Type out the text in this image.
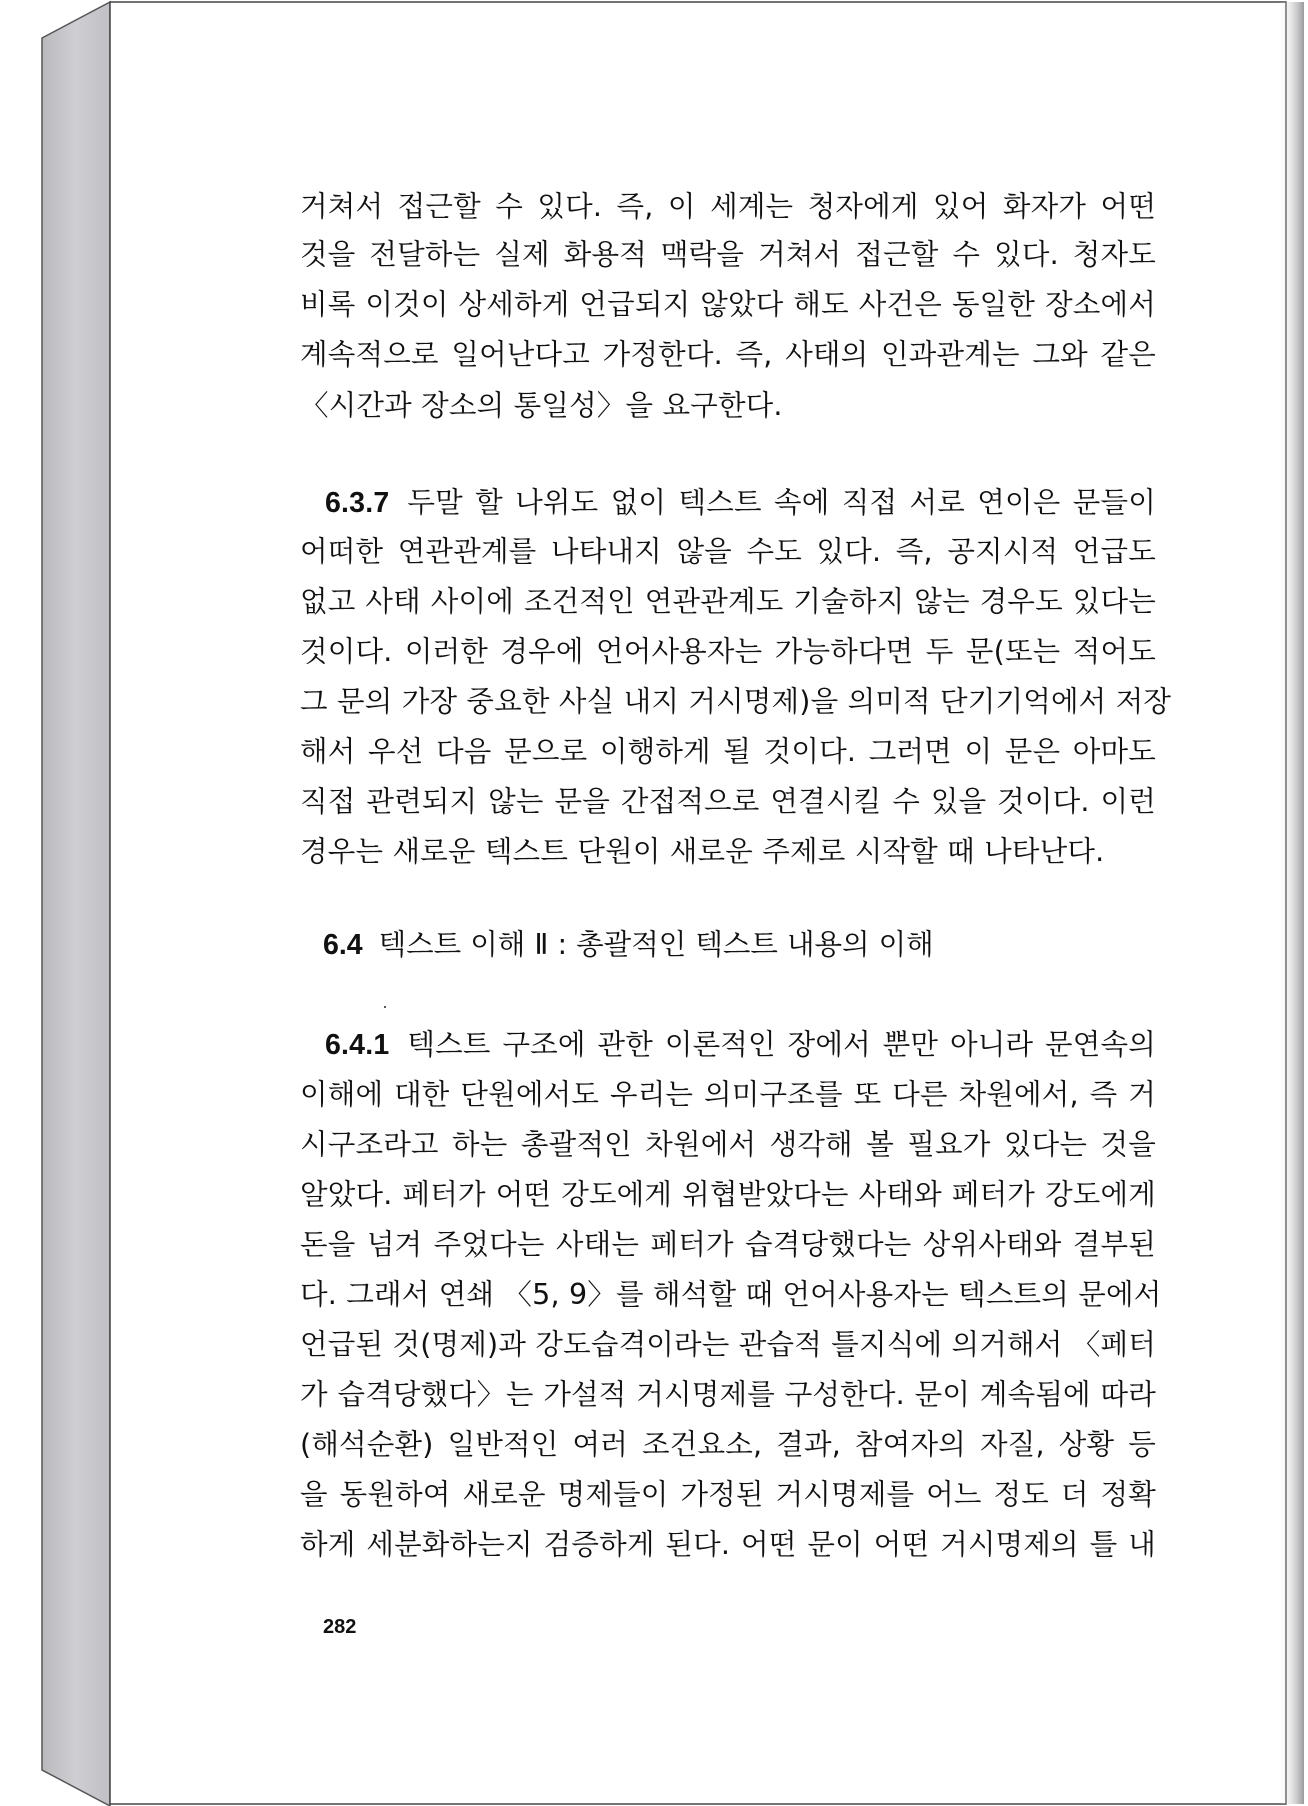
거쳐서 접근할 수 있다. 즉, 이 세계는 청자에게 있어 화자가 어떤
것을 전달하는 실제 화용적 맥락을 거쳐서 접근할 수 있다. 청자도
비록 이것이 상세하게 언급되지 않았다 해도 사건은 동일한 장소에서
계속적으로 일어난다고 가정한다. 즉, 사태의 인과관계는 그와 같은
〈시간과 장소의 통일성〉을 요구한다.
6.3.7 두말 할 나위도 없이 텍스트 속에 직접 서로 연이은 문들이
어떠한 연관관계를 나타내지 않을 수도 있다. 즉, 공지시적 언급도
없고 사태 사이에 조건적인 연관관계도 기술하지 않는 경우도 있다는
것이다. 이러한 경우에 언어사용자는 가능하다면 두 문(또는 적어도
그 문의 가장 중요한 사실 내지 거시명제)을 의미적 단기기억에서 저장
해서 우선 다음 문으로 이행하게 될 것이다. 그러면 이 문은 아마도
직접 관련되지 않는 문을 간접적으로 연결시킬 수 있을 것이다. 이런
경우는 새로운 텍스트 단원이 새로운 주제로 시작할 때 나타난다.
6.4 텍스트 이해 Ⅱ : 총괄적인 텍스트 내용의 이해
6.4.1 텍스트 구조에 관한 이론적인 장에서 뿐만 아니라 문연속의
이해에 대한 단원에서도 우리는 의미구조를 또 다른 차원에서, 즉 거
시구조라고 하는 총괄적인 차원에서 생각해 볼 필요가 있다는 것을
알았다. 페터가 어떤 강도에게 위협받았다는 사태와 페터가 강도에게
돈을 넘겨 주었다는 사태는 페터가 습격당했다는 상위사태와 결부된
다. 그래서 연쇄 〈5, 9〉를 해석할 때 언어사용자는 텍스트의 문에서
언급된 것(명제)과 강도습격이라는 관습적 틀지식에 의거해서 〈페터
가 습격당했다〉는 가설적 거시명제를 구성한다. 문이 계속됨에 따라
(해석순환) 일반적인 여러 조건요소, 결과, 참여자의 자질, 상황 등
을 동원하여 새로운 명제들이 가정된 거시명제를 어느 정도 더 정확
하게 세분화하는지 검증하게 된다. 어떤 문이 어떤 거시명제의 틀 내
282
